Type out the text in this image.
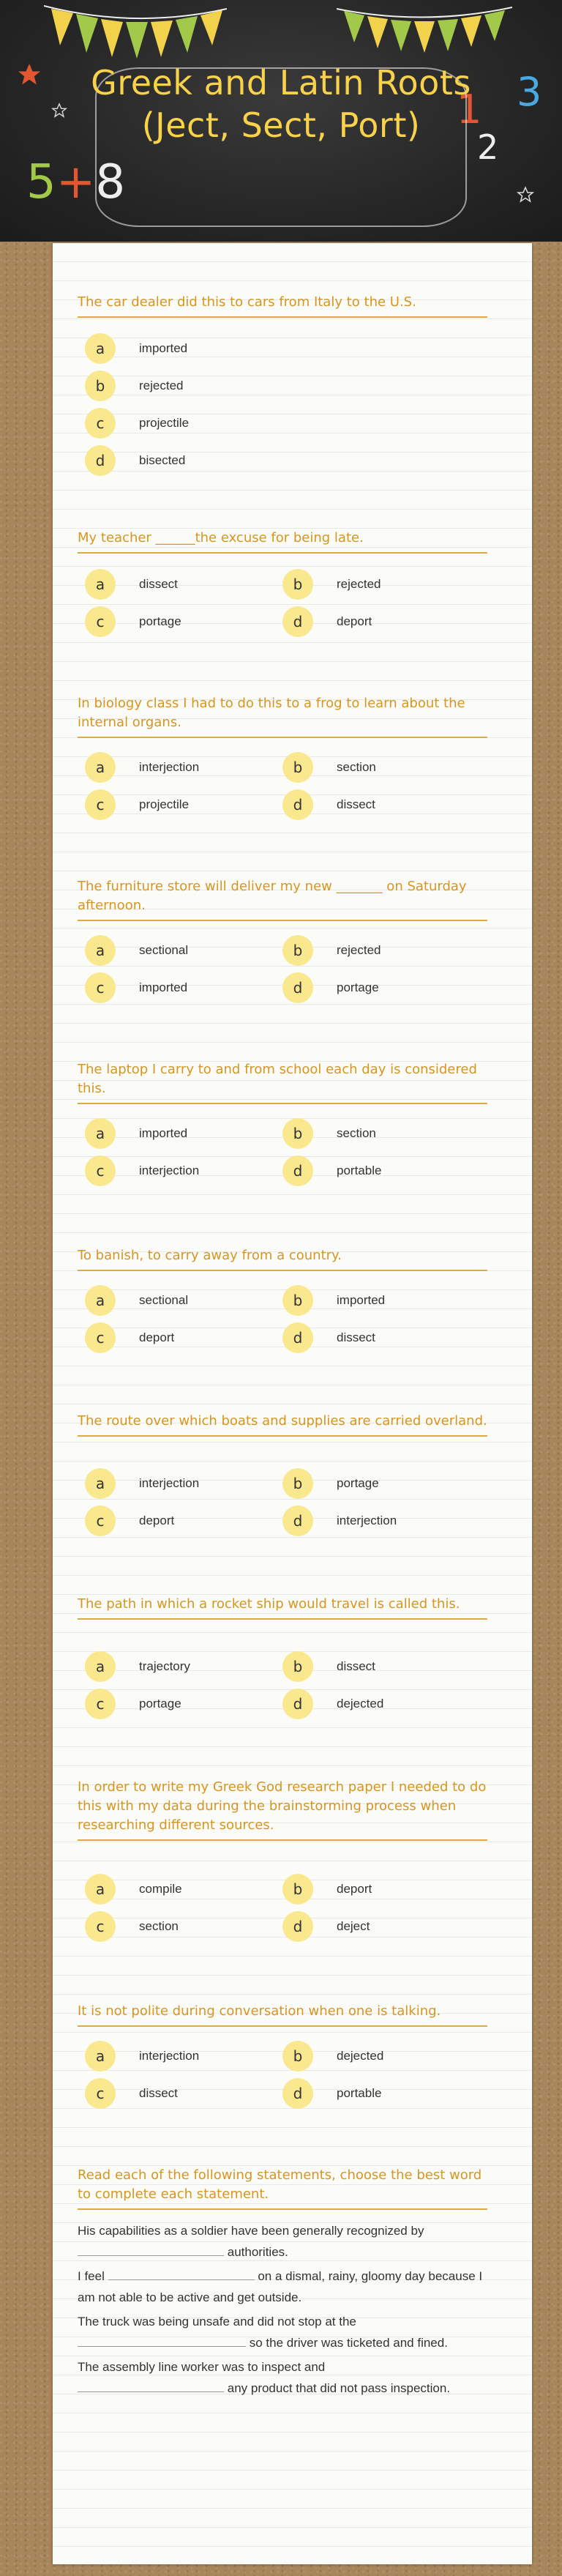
5+8
1 3
2
Greek and Latin Roots (Ject, Sect, Port)

The car dealer did this to cars from Italy to the U.S.

a	imported
b	rejected
c	projectile
d	bisected

My teacher ______the excuse for being late.

a	dissect	b	rejected
c	portage	d	deport

In biology class I had to do this to a frog to learn about the internal organs.

a	interjection	b	section
c	projectile	d	dissect

The furniture store will deliver my new _______ on Saturday afternoon.

a	sectional	b	rejected
c	imported	d	portage

The laptop I carry to and from school each day is considered this.

a	imported	b	section
c	interjection	d	portable

To banish, to carry away from a country.

a	sectional	b	imported
c	deport	d	dissect

The route over which boats and supplies are carried overland.

a	interjection	b	portage
c	deport	d	interjection

The path in which a rocket ship would travel is called this.

a	trajectory	b	dissect
c	portage	d	dejected

In order to write my Greek God research paper I needed to do this with my data during the brainstorming process when researching different sources.

a	compile	b	deport
c	section	d	deject

It is not polite during conversation when one is talking.

a	interjection	b	dejected
c	dissect	d	portable

Read each of the following statements, choose the best word to complete each statement.

His capabilities as a soldier have been generally recognized by
authorities.

I feel	on a dismal, rainy, gloomy day because I am not able to be active and get outside.

The truck was being unsafe and did not stop at the
so the driver was ticketed and fined.

The assembly line worker was to inspect and
any product that did not pass inspection.
